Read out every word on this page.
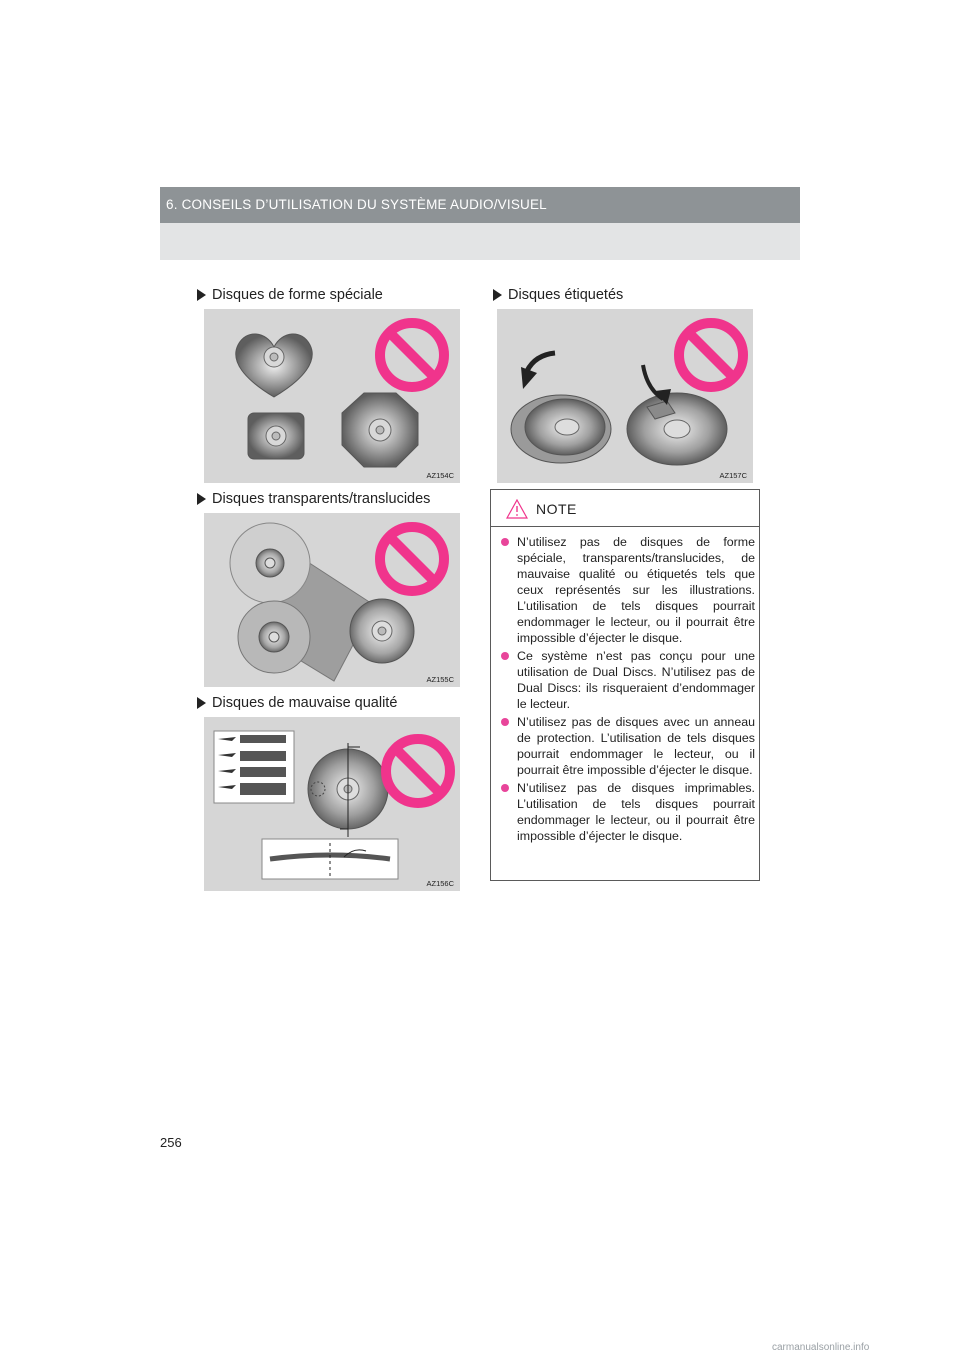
6. CONSEILS D’UTILISATION DU SYSTÈME AUDIO/VISUEL
Disques de forme spéciale
AZ154C
Disques transparents/translucides
AZ155C
Disques de mauvaise qualité
AZ156C
Disques étiquetés
AZ157C
NOTE
N’utilisez pas de disques de forme spéciale, transparents/translucides, de mauvaise qualité ou étiquetés tels que ceux représentés sur les illustrations. L’utilisation de tels disques pourrait endommager le lecteur, ou il pourrait être impossible d’éjecter le disque.
Ce système n’est pas conçu pour une utilisation de Dual Discs. N’utilisez pas de Dual Discs: ils risqueraient d’endommager le lecteur.
N’utilisez pas de disques avec un anneau de protection. L’utilisation de tels disques pourrait endommager le lecteur, ou il pourrait être impossible d’éjecter le disque.
N’utilisez pas de disques imprimables. L’utilisation de tels disques pourrait endommager le lecteur, ou il pourrait être impossible d’éjecter le disque.
256
carmanualsonline.info
